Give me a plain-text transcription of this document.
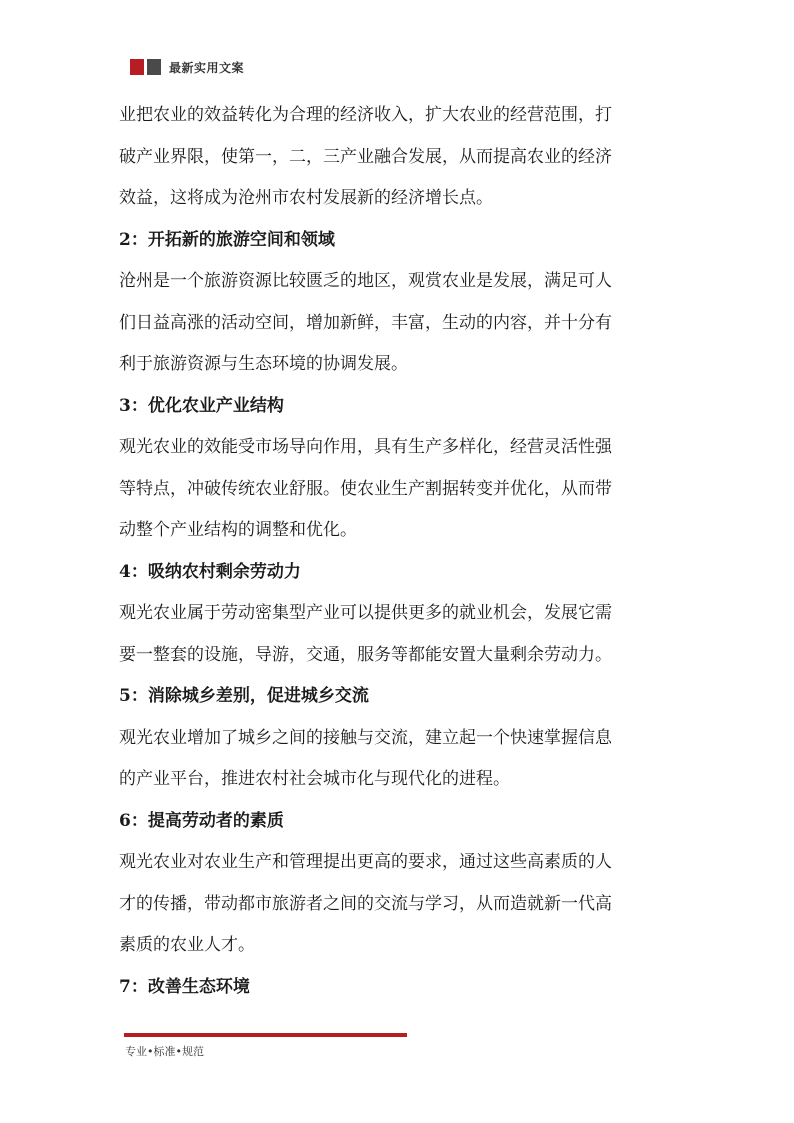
最新实用文案

业把农业的效益转化为合理的经济收入，扩大农业的经营范围，打

破产业界限，使第一，二，三产业融合发展，从而提高农业的经济

效益，这将成为沧州市农村发展新的经济增长点。

2：开拓新的旅游空间和领域

沧州是一个旅游资源比较匮乏的地区，观赏农业是发展，满足可人

们日益高涨的活动空间，增加新鲜，丰富，生动的内容，并十分有

利于旅游资源与生态环境的协调发展。

3：优化农业产业结构

观光农业的效能受市场导向作用，具有生产多样化，经营灵活性强

等特点，冲破传统农业舒服。使农业生产割据转变并优化，从而带

动整个产业结构的调整和优化。

4：吸纳农村剩余劳动力

观光农业属于劳动密集型产业可以提供更多的就业机会，发展它需

要一整套的设施，导游，交通，服务等都能安置大量剩余劳动力。

5：消除城乡差别，促进城乡交流

观光农业增加了城乡之间的接触与交流，建立起一个快速掌握信息

的产业平台，推进农村社会城市化与现代化的进程。

6：提高劳动者的素质

观光农业对农业生产和管理提出更高的要求，通过这些高素质的人

才的传播，带动都市旅游者之间的交流与学习，从而造就新一代高

素质的农业人才。

7：改善生态环境

专业•标准•规范
